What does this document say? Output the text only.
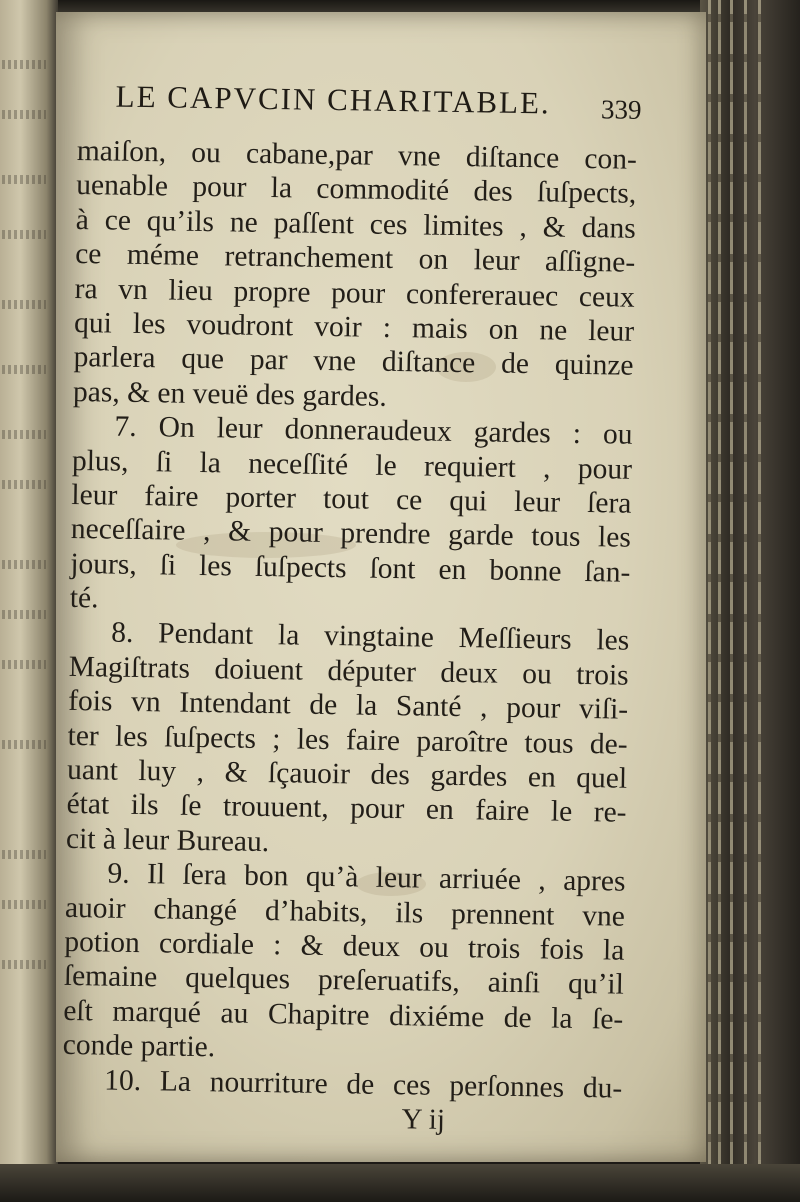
LE CAPVCIN CHARITABLE. 339
maiſon, ou cabane,par vne diſtance con-
uenable pour la commodité des ſuſpects,
à ce qu’ils ne paſſent ces limites , & dans
ce méme retranchement on leur aſſigne-
ra vn lieu propre pour confererauec ceux
qui les voudront voir : mais on ne leur
parlera que par vne diſtance de quinze
pas, & en veuë des gardes.
7. On leur donneraudeux gardes : ou
plus, ſi la neceſſité le requiert , pour
leur faire porter tout ce qui leur ſera
neceſſaire , & pour prendre garde tous les
jours, ſi les ſuſpects ſont en bonne ſan-
té.
8. Pendant la vingtaine Meſſieurs les
Magiſtrats doiuent députer deux ou trois
fois vn Intendant de la Santé , pour viſi-
ter les ſuſpects ; les faire paroître tous de-
uant luy , & ſçauoir des gardes en quel
état ils ſe trouuent, pour en faire le re-
cit à leur Bureau.
9. Il ſera bon qu’à leur arriuée , apres
auoir changé d’habits, ils prennent vne
potion cordiale : & deux ou trois fois la
ſemaine quelques preſeruatifs, ainſi qu’il
eſt marqué au Chapitre dixiéme de la ſe-
conde partie.
10. La nourriture de ces perſonnes du-
Y ij
